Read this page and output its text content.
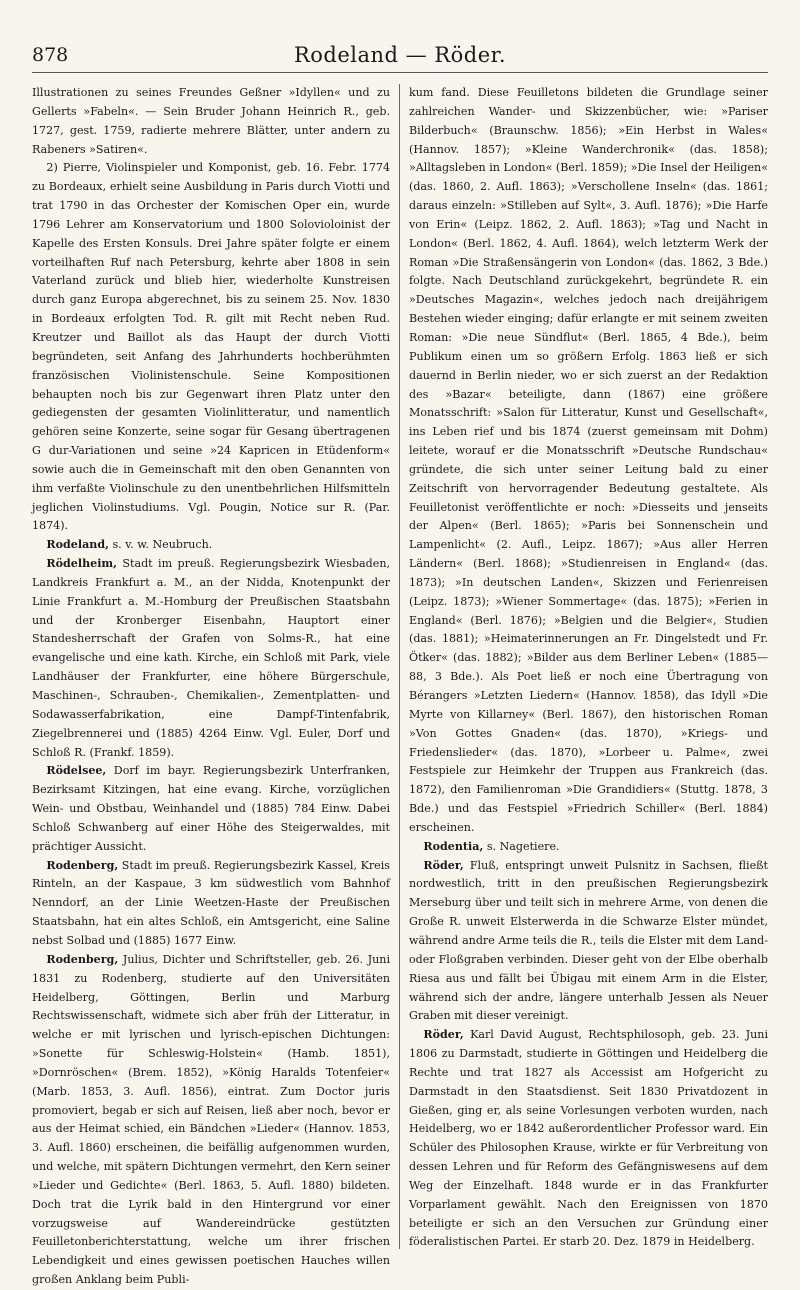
878	Rodeland — Röder.

Illustrationen zu seines Freundes Geßner »Idyllen« und zu Gellerts »Fabeln«. — Sein Bruder Johann Heinrich R., geb. 1727, gest. 1759, radierte mehrere Blätter, unter andern zu Rabeners »Satiren«.

2) Pierre, Violinspieler und Komponist, geb. 16. Febr. 1774 zu Bordeaux, erhielt seine Ausbildung in Paris durch Viotti und trat 1790 in das Orchester der Komischen Oper ein, wurde 1796 Lehrer am Konservatorium und 1800 Solovioloinist der Kapelle des Ersten Konsuls. Drei Jahre später folgte er einem vorteilhaften Ruf nach Petersburg, kehrte aber 1808 in sein Vaterland zurück und blieb hier, wiederholte Kunstreisen durch ganz Europa abgerechnet, bis zu seinem 25. Nov. 1830 in Bordeaux erfolgten Tod. R. gilt mit Recht neben Rud. Kreutzer und Baillot als das Haupt der durch Viotti begründeten, seit Anfang des Jahrhunderts hochberühmten französischen Violinistenschule. Seine Kompositionen behaupten noch bis zur Gegenwart ihren Platz unter den gediegensten der gesamten Violinlitteratur, und namentlich gehören seine Konzerte, seine sogar für Gesang übertragenen G dur-Variationen und seine »24 Kapricen in Etüdenform« sowie auch die in Gemeinschaft mit den oben Genannten von ihm verfaßte Violinschule zu den unentbehrlichen Hilfsmitteln jeglichen Violinstudiums. Vgl. Pougin, Notice sur R. (Par. 1874).

Rodeland, s. v. w. Neubruch.

Rödelheim, Stadt im preuß. Regierungsbezirk Wiesbaden, Landkreis Frankfurt a. M., an der Nidda, Knotenpunkt der Linie Frankfurt a. M.-Homburg der Preußischen Staatsbahn und der Kronberger Eisenbahn, Hauptort einer Standesherrschaft der Grafen von Solms-R., hat eine evangelische und eine kath. Kirche, ein Schloß mit Park, viele Landhäuser der Frankfurter, eine höhere Bürgerschule, Maschinen-, Schrauben-, Chemikalien-, Zementplatten- und Sodawasserfabrikation, eine Dampf-Tintenfabrik, Ziegelbrennerei und (1885) 4264 Einw. Vgl. Euler, Dorf und Schloß R. (Frankf. 1859).

Rödelsee, Dorf im bayr. Regierungsbezirk Unterfranken, Bezirksamt Kitzingen, hat eine evang. Kirche, vorzüglichen Wein- und Obstbau, Weinhandel und (1885) 784 Einw. Dabei Schloß Schwanberg auf einer Höhe des Steigerwaldes, mit prächtiger Aussicht.

Rodenberg, Stadt im preuß. Regierungsbezirk Kassel, Kreis Rinteln, an der Kaspaue, 3 km südwestlich vom Bahnhof Nenndorf, an der Linie Weetzen-Haste der Preußischen Staatsbahn, hat ein altes Schloß, ein Amtsgericht, eine Saline nebst Solbad und (1885) 1677 Einw.

Rodenberg, Julius, Dichter und Schriftsteller, geb. 26. Juni 1831 zu Rodenberg, studierte auf den Universitäten Heidelberg, Göttingen, Berlin und Marburg Rechtswissenschaft, widmete sich aber früh der Litteratur, in welche er mit lyrischen und lyrisch-epischen Dichtungen: »Sonette für Schleswig-Holstein« (Hamb. 1851), »Dornröschen« (Brem. 1852), »König Haralds Totenfeier« (Marb. 1853, 3. Aufl. 1856), eintrat. Zum Doctor juris promoviert, begab er sich auf Reisen, ließ aber noch, bevor er aus der Heimat schied, ein Bändchen »Lieder« (Hannov. 1853, 3. Aufl. 1860) erscheinen, die beifällig aufgenommen wurden, und welche, mit spätern Dichtungen vermehrt, den Kern seiner »Lieder und Gedichte« (Berl. 1863, 5. Aufl. 1880) bildeten. Doch trat die Lyrik bald in den Hintergrund vor einer vorzugsweise auf Wandereindrücke gestützten Feuilletonberichterstattung, welche um ihrer frischen Lebendigkeit und eines gewissen poetischen Hauches willen großen Anklang beim Publi-

kum fand. Diese Feuilletons bildeten die Grundlage seiner zahlreichen Wander- und Skizzenbücher, wie: »Pariser Bilderbuch« (Braunschw. 1856); »Ein Herbst in Wales« (Hannov. 1857); »Kleine Wanderchronik« (das. 1858); »Alltagsleben in London« (Berl. 1859); »Die Insel der Heiligen« (das. 1860, 2. Aufl. 1863); »Verschollene Inseln« (das. 1861; daraus einzeln: »Stilleben auf Sylt«, 3. Aufl. 1876); »Die Harfe von Erin« (Leipz. 1862, 2. Aufl. 1863); »Tag und Nacht in London« (Berl. 1862, 4. Aufl. 1864), welch letzterm Werk der Roman »Die Straßensängerin von London« (das. 1862, 3 Bde.) folgte. Nach Deutschland zurückgekehrt, begründete R. ein »Deutsches Magazin«, welches jedoch nach dreijährigem Bestehen wieder einging; dafür erlangte er mit seinem zweiten Roman: »Die neue Sündflut« (Berl. 1865, 4 Bde.), beim Publikum einen um so größern Erfolg. 1863 ließ er sich dauernd in Berlin nieder, wo er sich zuerst an der Redaktion des »Bazar« beteiligte, dann (1867) eine größere Monatsschrift: »Salon für Litteratur, Kunst und Gesellschaft«, ins Leben rief und bis 1874 (zuerst gemeinsam mit Dohm) leitete, worauf er die Monatsschrift »Deutsche Rundschau« gründete, die sich unter seiner Leitung bald zu einer Zeitschrift von hervorragender Bedeutung gestaltete. Als Feuilletonist veröffentlichte er noch: »Diesseits und jenseits der Alpen« (Berl. 1865); »Paris bei Sonnenschein und Lampenlicht« (2. Aufl., Leipz. 1867); »Aus aller Herren Ländern« (Berl. 1868); »Studienreisen in England« (das. 1873); »In deutschen Landen«, Skizzen und Ferienreisen (Leipz. 1873); »Wiener Sommertage« (das. 1875); »Ferien in England« (Berl. 1876); »Belgien und die Belgier«, Studien (das. 1881); »Heimaterinnerungen an Fr. Dingelstedt und Fr. Ötker« (das. 1882); »Bilder aus dem Berliner Leben« (1885—88, 3 Bde.). Als Poet ließ er noch eine Übertragung von Bérangers »Letzten Liedern« (Hannov. 1858), das Idyll »Die Myrte von Killarney« (Berl. 1867), den historischen Roman »Von Gottes Gnaden« (das. 1870), »Kriegs- und Friedenslieder« (das. 1870), »Lorbeer u. Palme«, zwei Festspiele zur Heimkehr der Truppen aus Frankreich (das. 1872), den Familienroman »Die Grandidiers« (Stuttg. 1878, 3 Bde.) und das Festspiel »Friedrich Schiller« (Berl. 1884) erscheinen.

Rodentia, s. Nagetiere.

Röder, Fluß, entspringt unweit Pulsnitz in Sachsen, fließt nordwestlich, tritt in den preußischen Regierungsbezirk Merseburg über und teilt sich in mehrere Arme, von denen die Große R. unweit Elsterwerda in die Schwarze Elster mündet, während andre Arme teils die R., teils die Elster mit dem Land- oder Floßgraben verbinden. Dieser geht von der Elbe oberhalb Riesa aus und fällt bei Übigau mit einem Arm in die Elster, während sich der andre, längere unterhalb Jessen als Neuer Graben mit dieser vereinigt.

Röder, Karl David August, Rechtsphilosoph, geb. 23. Juni 1806 zu Darmstadt, studierte in Göttingen und Heidelberg die Rechte und trat 1827 als Accessist am Hofgericht zu Darmstadt in den Staatsdienst. Seit 1830 Privatdozent in Gießen, ging er, als seine Vorlesungen verboten wurden, nach Heidelberg, wo er 1842 außerordentlicher Professor ward. Ein Schüler des Philosophen Krause, wirkte er für Verbreitung von dessen Lehren und für Reform des Gefängniswesens auf dem Weg der Einzelhaft. 1848 wurde er in das Frankfurter Vorparlament gewählt. Nach den Ereignissen von 1870 beteiligte er sich an den Versuchen zur Gründung einer föderalistischen Partei. Er starb 20. Dez. 1879 in Heidelberg.
